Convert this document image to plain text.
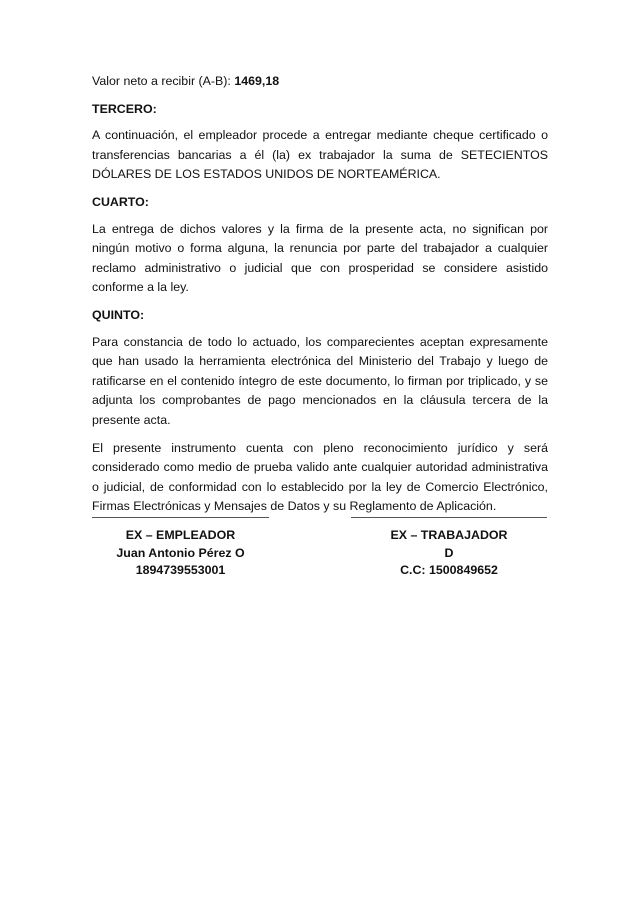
Valor neto a recibir (A-B): 1469,18

TERCERO:

A continuación, el empleador procede a entregar mediante cheque certificado o transferencias bancarias a él (la) ex trabajador la suma de SETECIENTOS DÓLARES DE LOS ESTADOS UNIDOS DE NORTEAMÉRICA.

CUARTO:

La entrega de dichos valores y la firma de la presente acta, no significan por ningún motivo o forma alguna, la renuncia por parte del trabajador a cualquier reclamo administrativo o judicial que con prosperidad se considere asistido conforme a la ley.

QUINTO:

Para constancia de todo lo actuado, los comparecientes aceptan expresamente que han usado la herramienta electrónica del Ministerio del Trabajo y luego de ratificarse en el contenido íntegro de este documento, lo firman por triplicado, y se adjunta los comprobantes de pago mencionados en la cláusula tercera de la presente acta.

El presente instrumento cuenta con pleno reconocimiento jurídico y será considerado como medio de prueba valido ante cualquier autoridad administrativa o judicial, de conformidad con lo establecido por la ley de Comercio Electrónico, Firmas Electrónicas y Mensajes de Datos y su Reglamento de Aplicación.

EX – EMPLEADOR
Juan Antonio Pérez O
1894739553001
EX – TRABAJADOR
D
C.C: 1500849652
